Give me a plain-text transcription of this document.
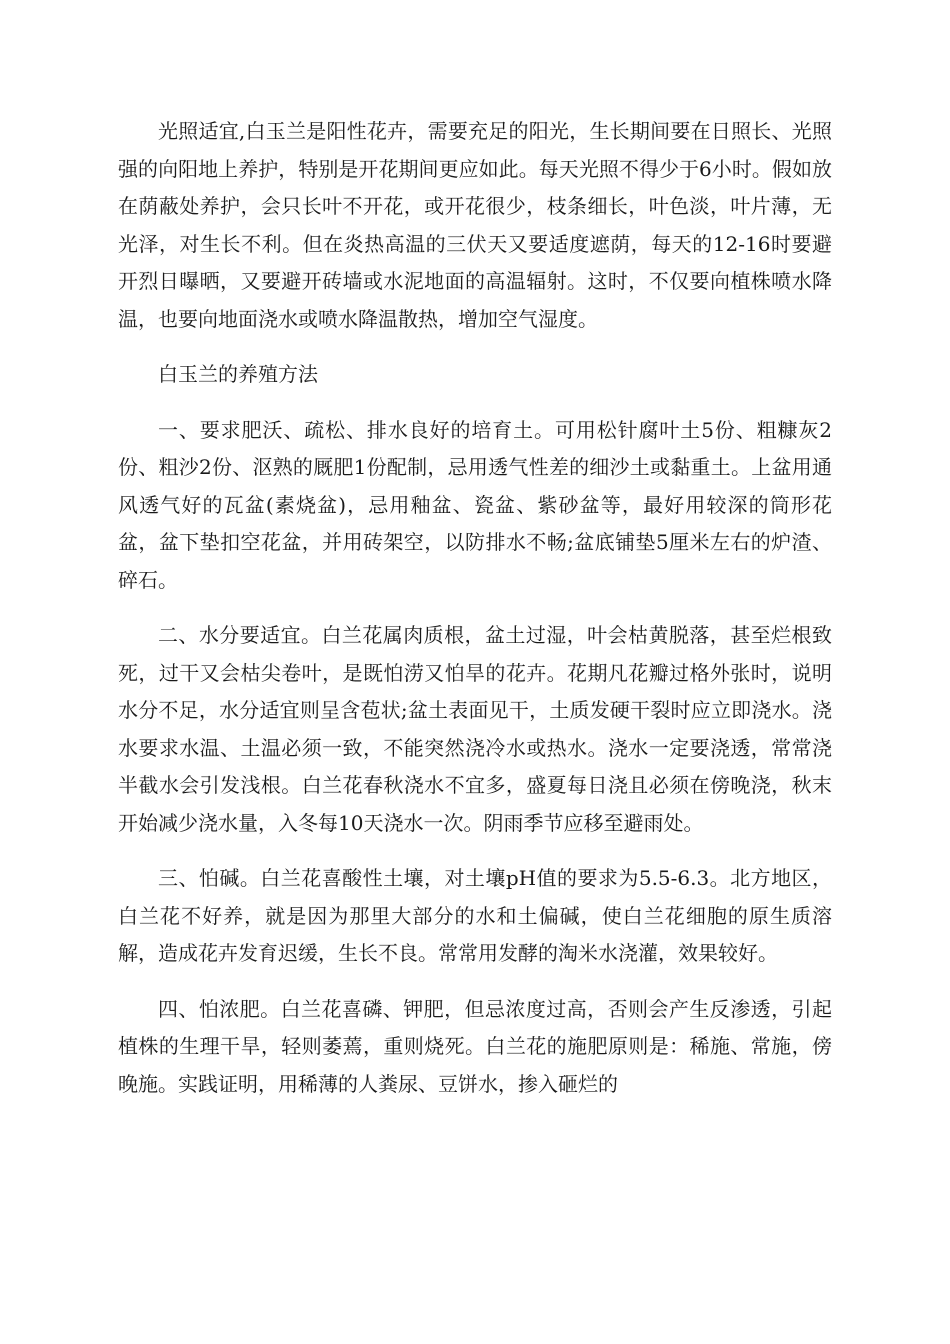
光照适宜,白玉兰是阳性花卉，需要充足的阳光，生长期间要在日照长、光照强的向阳地上养护，特别是开花期间更应如此。每天光照不得少于6小时。假如放在荫蔽处养护，会只长叶不开花，或开花很少，枝条细长，叶色淡，叶片薄，无光泽，对生长不利。但在炎热高温的三伏天又要适度遮荫，每天的12-16时要避开烈日曝晒，又要避开砖墙或水泥地面的高温辐射。这时，不仅要向植株喷水降温，也要向地面浇水或喷水降温散热，增加空气湿度。

白玉兰的养殖方法

一、要求肥沃、疏松、排水良好的培育土。可用松针腐叶土5份、粗糠灰2份、粗沙2份、沤熟的厩肥1份配制，忌用透气性差的细沙土或黏重土。上盆用通风透气好的瓦盆(素烧盆)，忌用釉盆、瓷盆、紫砂盆等，最好用较深的筒形花盆，盆下垫扣空花盆，并用砖架空，以防排水不畅;盆底铺垫5厘米左右的炉渣、碎石。

二、水分要适宜。白兰花属肉质根，盆土过湿，叶会枯黄脱落，甚至烂根致死，过干又会枯尖卷叶，是既怕涝又怕旱的花卉。花期凡花瓣过格外张时，说明水分不足，水分适宜则呈含苞状;盆土表面见干，土质发硬干裂时应立即浇水。浇水要求水温、土温必须一致，不能突然浇冷水或热水。浇水一定要浇透，常常浇半截水会引发浅根。白兰花春秋浇水不宜多，盛夏每日浇且必须在傍晚浇，秋末开始减少浇水量，入冬每10天浇水一次。阴雨季节应移至避雨处。

三、怕碱。白兰花喜酸性土壤，对土壤pH值的要求为5.5-6.3。北方地区，白兰花不好养，就是因为那里大部分的水和土偏碱，使白兰花细胞的原生质溶解，造成花卉发育迟缓，生长不良。常常用发酵的淘米水浇灌，效果较好。

四、怕浓肥。白兰花喜磷、钾肥，但忌浓度过高，否则会产生反渗透，引起植株的生理干旱，轻则萎蔫，重则烧死。白兰花的施肥原则是：稀施、常施，傍晚施。实践证明，用稀薄的人粪尿、豆饼水，掺入砸烂的
